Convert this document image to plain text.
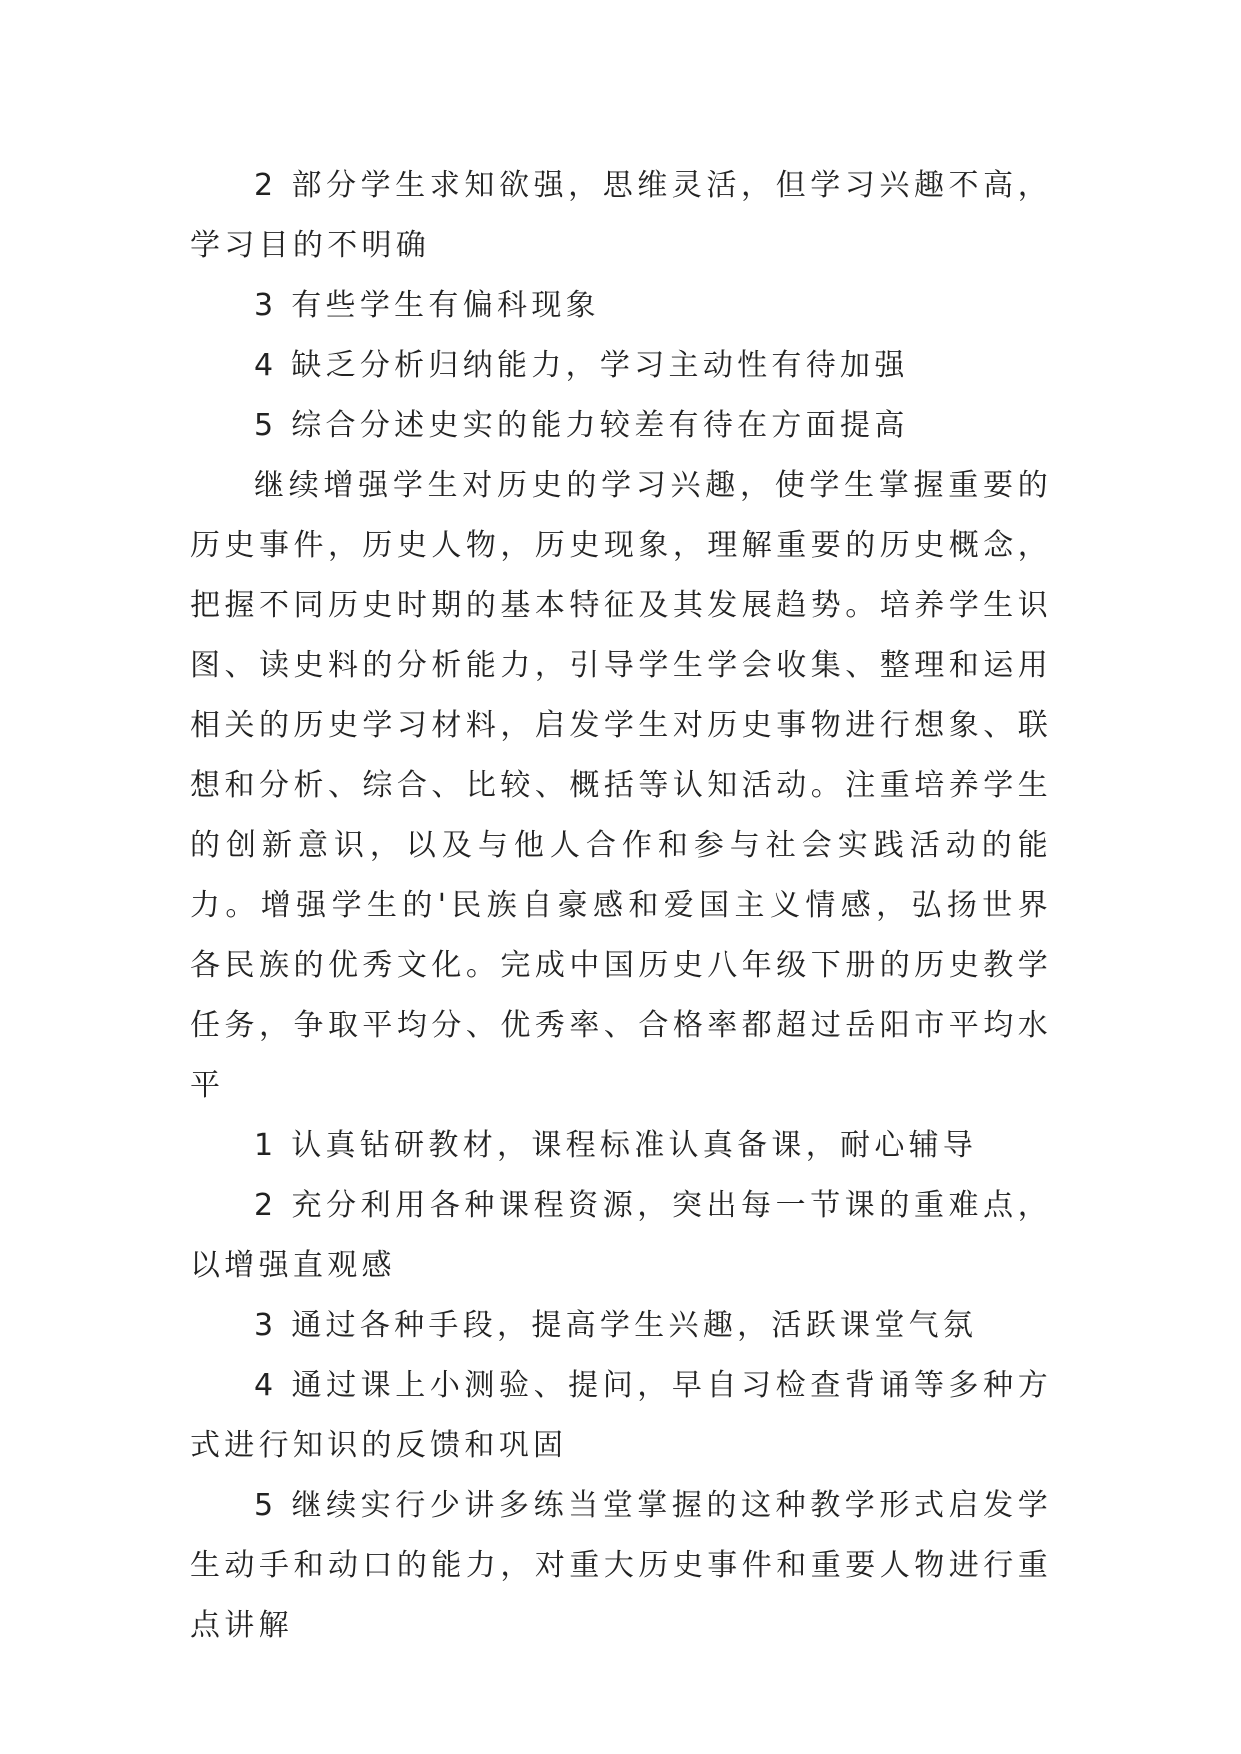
2 部分学生求知欲强，思维灵活，但学习兴趣不高，学习目的不明确

3 有些学生有偏科现象

4 缺乏分析归纳能力，学习主动性有待加强

5 综合分述史实的能力较差有待在方面提高

继续增强学生对历史的学习兴趣，使学生掌握重要的历史事件，历史人物，历史现象，理解重要的历史概念，把握不同历史时期的基本特征及其发展趋势。培养学生识图、读史料的分析能力，引导学生学会收集、整理和运用相关的历史学习材料，启发学生对历史事物进行想象、联想和分析、综合、比较、概括等认知活动。注重培养学生的创新意识，以及与他人合作和参与社会实践活动的能力。增强学生的'民族自豪感和爱国主义情感，弘扬世界各民族的优秀文化。完成中国历史八年级下册的历史教学任务，争取平均分、优秀率、合格率都超过岳阳市平均水平

1 认真钻研教材，课程标准认真备课，耐心辅导

2 充分利用各种课程资源，突出每一节课的重难点，以增强直观感

3 通过各种手段，提高学生兴趣，活跃课堂气氛

4 通过课上小测验、提问，早自习检查背诵等多种方式进行知识的反馈和巩固

5 继续实行少讲多练当堂掌握的这种教学形式启发学生动手和动口的能力，对重大历史事件和重要人物进行重点讲解
